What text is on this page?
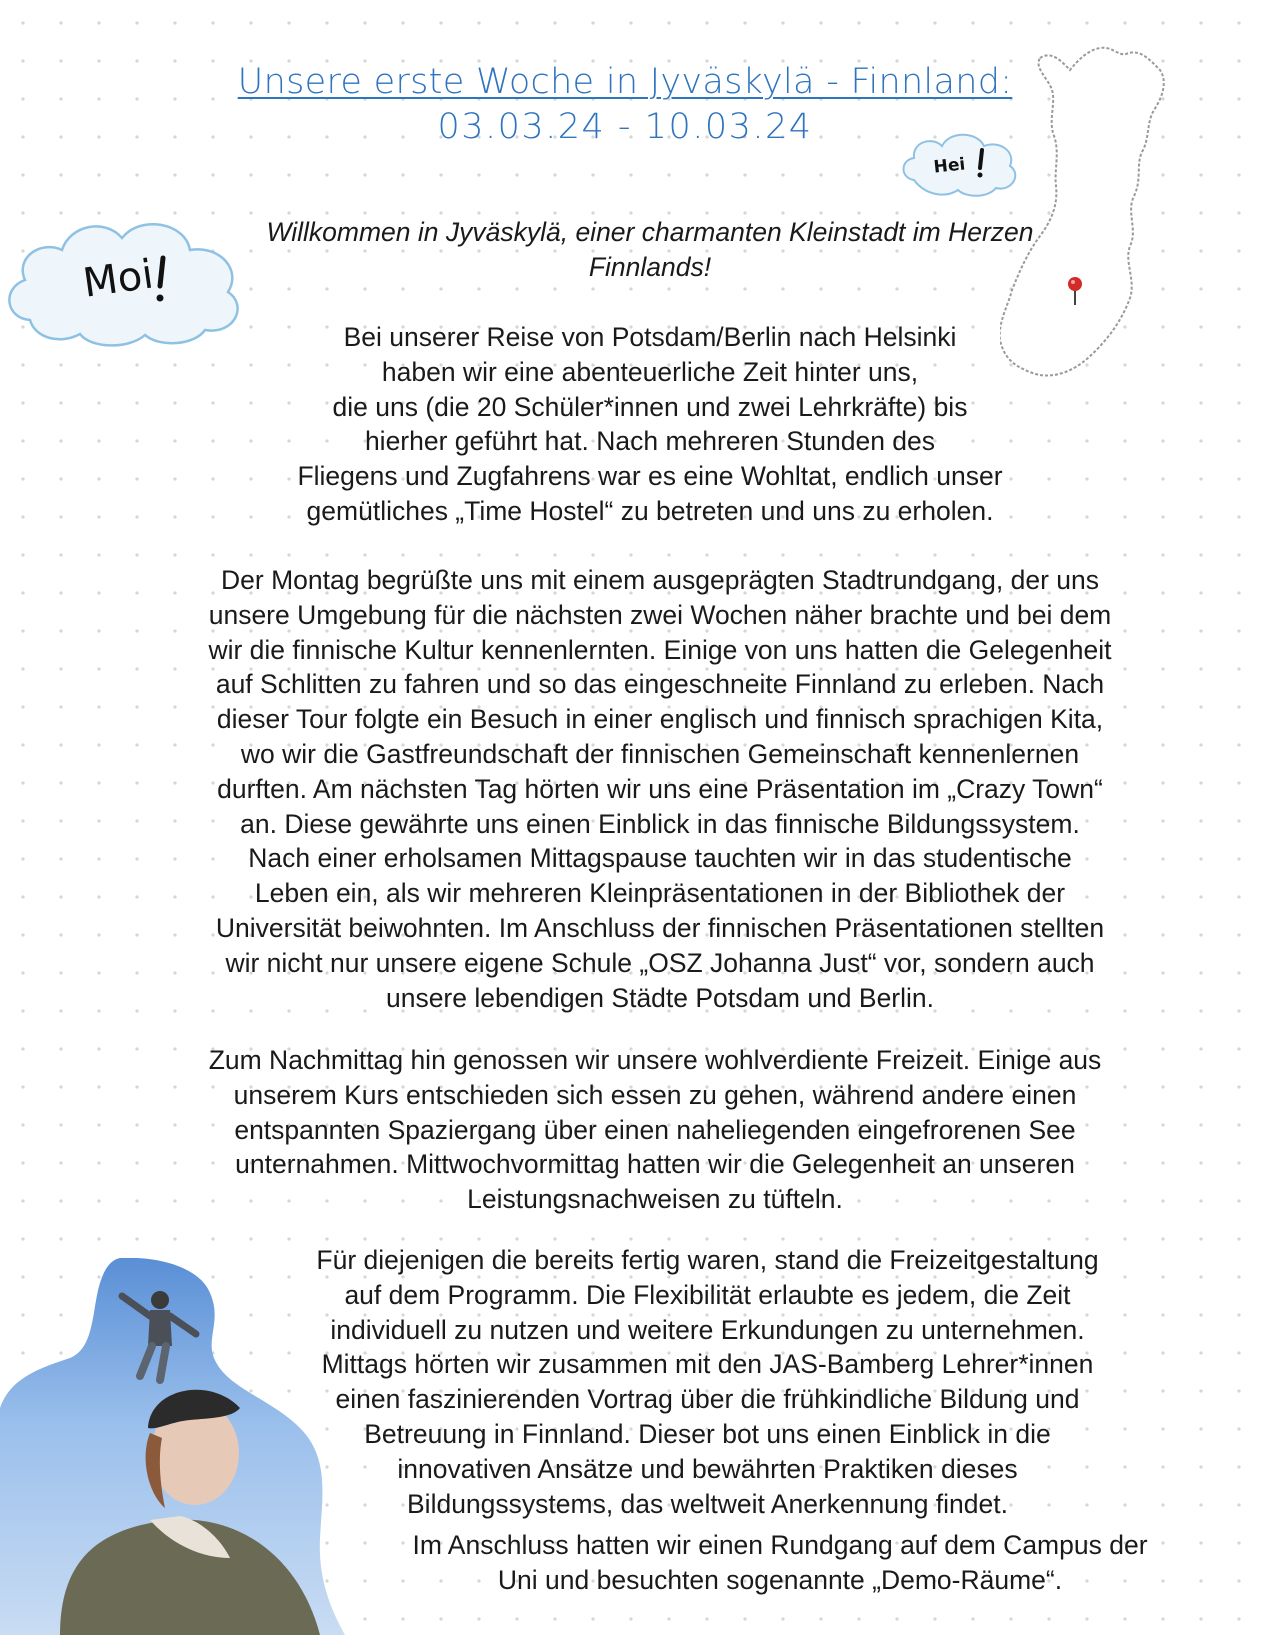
Unsere erste Woche in Jyväskylä - Finnland:
03.03.24 - 10.03.24
Moi
Hei

Willkommen in Jyväskylä, einer charmanten Kleinstadt im Herzen
Finnlands!

Bei unserer Reise von Potsdam/Berlin nach Helsinki
haben wir eine abenteuerliche Zeit hinter uns,
die uns (die 20 Schüler*innen und zwei Lehrkräfte) bis
hierher geführt hat. Nach mehreren Stunden des
Fliegens und Zugfahrens war es eine Wohltat, endlich unser
gemütliches „Time Hostel“ zu betreten und uns zu erholen.

Der Montag begrüßte uns mit einem ausgeprägten Stadtrundgang, der uns
unsere Umgebung für die nächsten zwei Wochen näher brachte und bei dem
wir die finnische Kultur kennenlernten. Einige von uns hatten die Gelegenheit
auf Schlitten zu fahren und so das eingeschneite Finnland zu erleben. Nach
dieser Tour folgte ein Besuch in einer englisch und finnisch sprachigen Kita,
wo wir die Gastfreundschaft der finnischen Gemeinschaft kennenlernen
durften. Am nächsten Tag hörten wir uns eine Präsentation im „Crazy Town“
an. Diese gewährte uns einen Einblick in das finnische Bildungssystem.
Nach einer erholsamen Mittagspause tauchten wir in das studentische
Leben ein, als wir mehreren Kleinpräsentationen in der Bibliothek der
Universität beiwohnten. Im Anschluss der finnischen Präsentationen stellten
wir nicht nur unsere eigene Schule „OSZ Johanna Just“ vor, sondern auch
unsere lebendigen Städte Potsdam und Berlin.

Zum Nachmittag hin genossen wir unsere wohlverdiente Freizeit. Einige aus
unserem Kurs entschieden sich essen zu gehen, während andere einen
entspannten Spaziergang über einen naheliegenden eingefrorenen See
unternahmen. Mittwochvormittag hatten wir die Gelegenheit an unseren
Leistungsnachweisen zu tüfteln.

Für diejenigen die bereits fertig waren, stand die Freizeitgestaltung
auf dem Programm. Die Flexibilität erlaubte es jedem, die Zeit
individuell zu nutzen und weitere Erkundungen zu unternehmen.
Mittags hörten wir zusammen mit den JAS-Bamberg Lehrer*innen
einen faszinierenden Vortrag über die frühkindliche Bildung und
Betreuung in Finnland. Dieser bot uns einen Einblick in die
innovativen Ansätze und bewährten Praktiken dieses
Bildungssystems, das weltweit Anerkennung findet.

Im Anschluss hatten wir einen Rundgang auf dem Campus der
Uni und besuchten sogenannte „Demo-Räume“.
